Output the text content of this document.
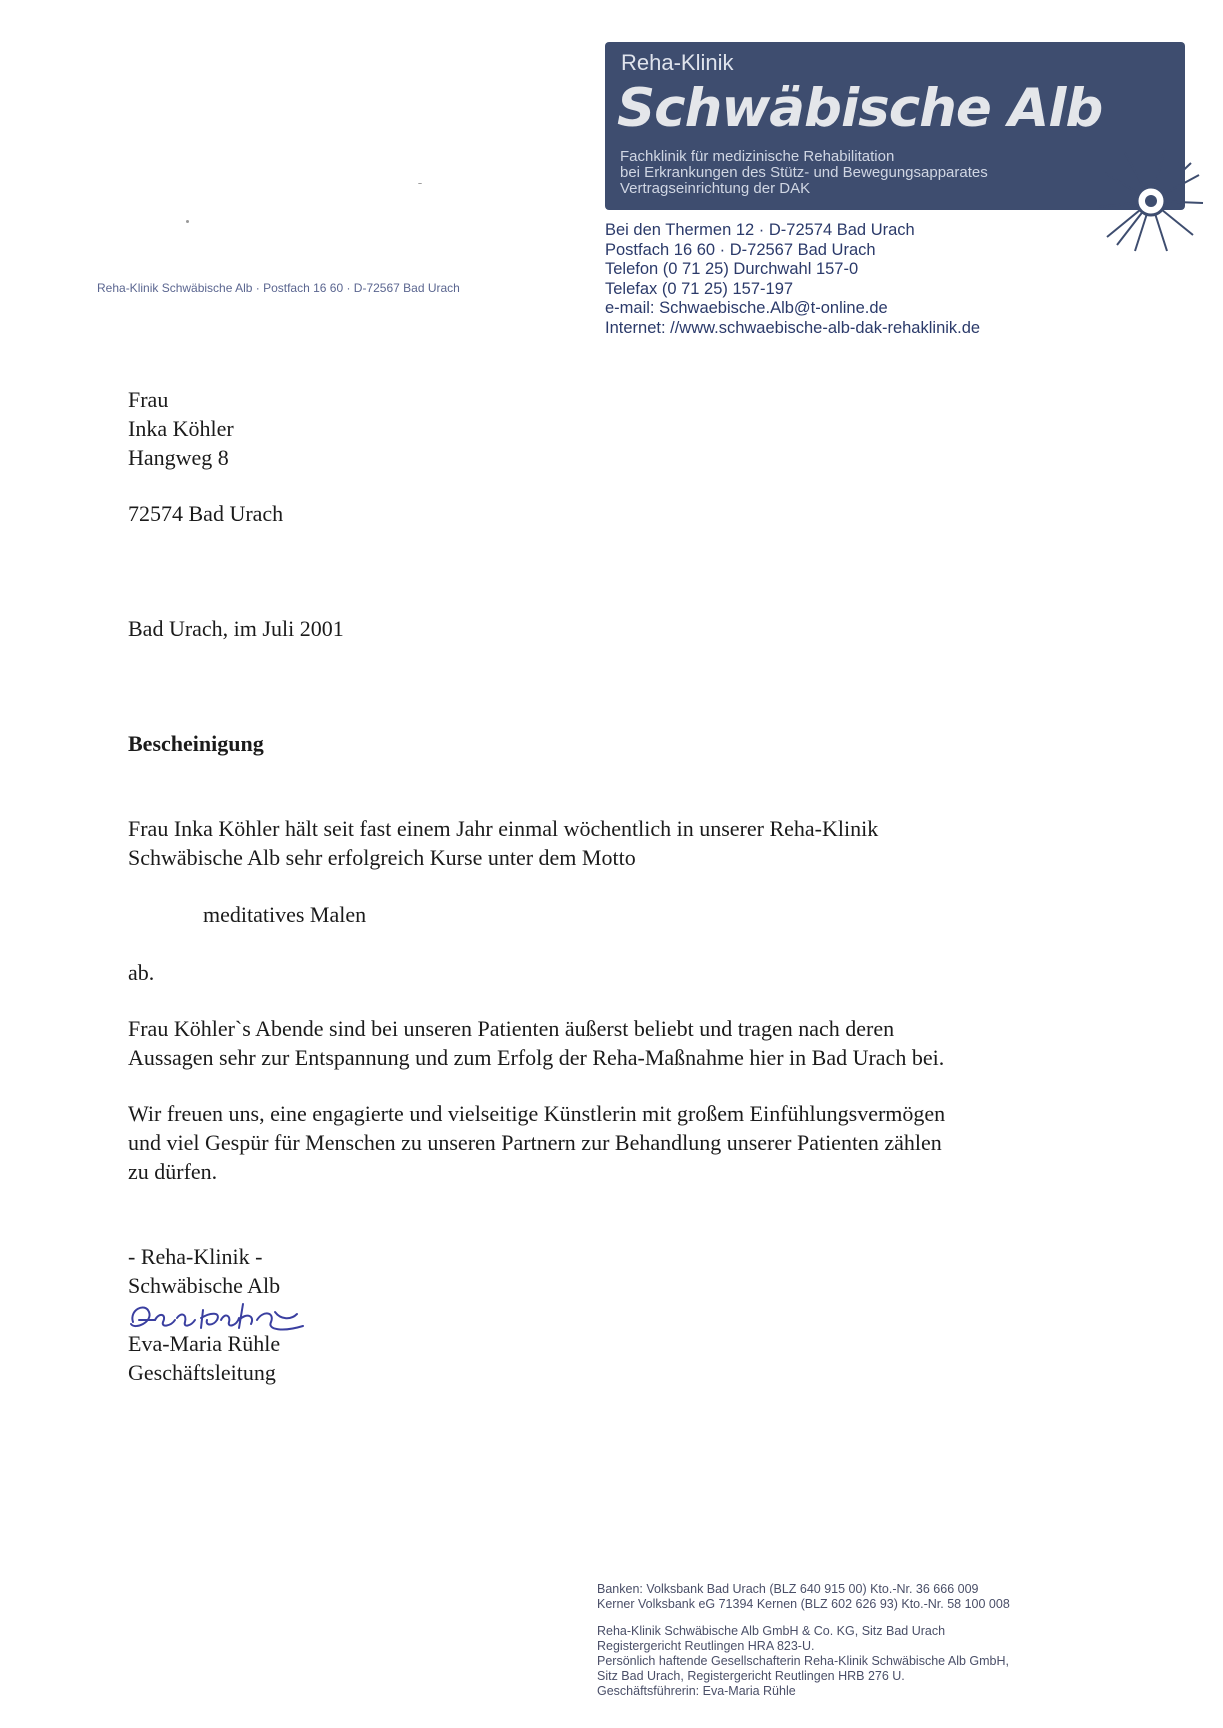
Reha-Klinik
Schwäbische Alb
Fachklinik für medizinische Rehabilitation
bei Erkrankungen des Stütz- und Bewegungsapparates
Vertragseinrichtung der DAK
Bei den Thermen 12 · D-72574 Bad Urach
Postfach 16 60 · D-72567 Bad Urach
Telefon (0 71 25) Durchwahl 157-0
Telefax (0 71 25) 157-197
e-mail: Schwaebische.Alb@t-online.de
Internet: //www.schwaebische-alb-dak-rehaklinik.de
Reha-Klinik Schwäbische Alb · Postfach 16 60 · D-72567 Bad Urach
Frau
Inka Köhler
Hangweg 8
72574 Bad Urach
Bad Urach, im Juli 2001
Bescheinigung
Frau Inka Köhler hält seit fast einem Jahr einmal wöchentlich in unserer Reha-Klinik
Schwäbische Alb sehr erfolgreich Kurse unter dem Motto
meditatives Malen
ab.
Frau Köhler`s Abende sind bei unseren Patienten äußerst beliebt und tragen nach deren
Aussagen sehr zur Entspannung und zum Erfolg der Reha-Maßnahme hier in Bad Urach bei.
Wir freuen uns, eine engagierte und vielseitige Künstlerin mit großem Einfühlungsvermögen
und viel Gespür für Menschen zu unseren Partnern zur Behandlung unserer Patienten zählen
zu dürfen.
- Reha-Klinik -
Schwäbische Alb
Eva-Maria Rühle
Geschäftsleitung
Banken: Volksbank Bad Urach (BLZ 640 915 00) Kto.-Nr. 36 666 009
Kerner Volksbank eG 71394 Kernen (BLZ 602 626 93) Kto.-Nr. 58 100 008
Reha-Klinik Schwäbische Alb GmbH & Co. KG, Sitz Bad Urach
Registergericht Reutlingen HRA 823-U.
Persönlich haftende Gesellschafterin Reha-Klinik Schwäbische Alb GmbH,
Sitz Bad Urach, Registergericht Reutlingen HRB 276 U.
Geschäftsführerin: Eva-Maria Rühle
